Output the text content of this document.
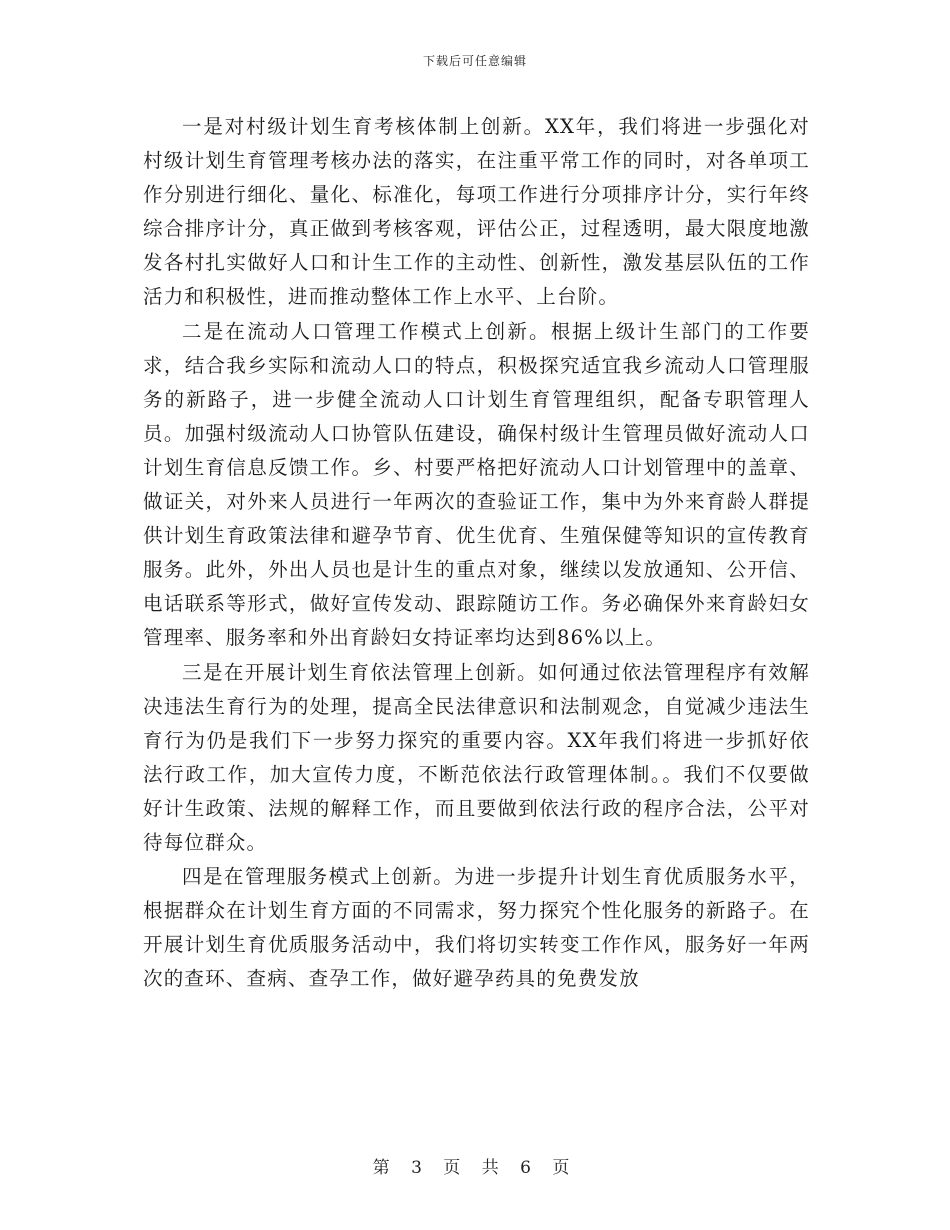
下载后可任意编辑

一是对村级计划生育考核体制上创新。XX年，我们将进一步强化对村级计划生育管理考核办法的落实，在注重平常工作的同时，对各单项工作分别进行细化、量化、标准化，每项工作进行分项排序计分，实行年终综合排序计分，真正做到考核客观，评估公正，过程透明，最大限度地激发各村扎实做好人口和计生工作的主动性、创新性，激发基层队伍的工作活力和积极性，进而推动整体工作上水平、上台阶。

二是在流动人口管理工作模式上创新。根据上级计生部门的工作要求，结合我乡实际和流动人口的特点，积极探究适宜我乡流动人口管理服务的新路子，进一步健全流动人口计划生育管理组织，配备专职管理人员。加强村级流动人口协管队伍建设，确保村级计生管理员做好流动人口计划生育信息反馈工作。乡、村要严格把好流动人口计划管理中的盖章、做证关，对外来人员进行一年两次的查验证工作，集中为外来育龄人群提供计划生育政策法律和避孕节育、优生优育、生殖保健等知识的宣传教育服务。此外，外出人员也是计生的重点对象，继续以发放通知、公开信、电话联系等形式，做好宣传发动、跟踪随访工作。务必确保外来育龄妇女管理率、服务率和外出育龄妇女持证率均达到86%以上。

三是在开展计划生育依法管理上创新。如何通过依法管理程序有效解决违法生育行为的处理，提高全民法律意识和法制观念，自觉减少违法生育行为仍是我们下一步努力探究的重要内容。XX年我们将进一步抓好依法行政工作，加大宣传力度，不断范依法行政管理体制。。我们不仅要做好计生政策、法规的解释工作，而且要做到依法行政的程序合法，公平对待每位群众。

四是在管理服务模式上创新。为进一步提升计划生育优质服务水平，根据群众在计划生育方面的不同需求，努力探究个性化服务的新路子。在开展计划生育优质服务活动中，我们将切实转变工作作风，服务好一年两次的查环、查病、查孕工作，做好避孕药具的免费发放

第 3 页 共 6 页
